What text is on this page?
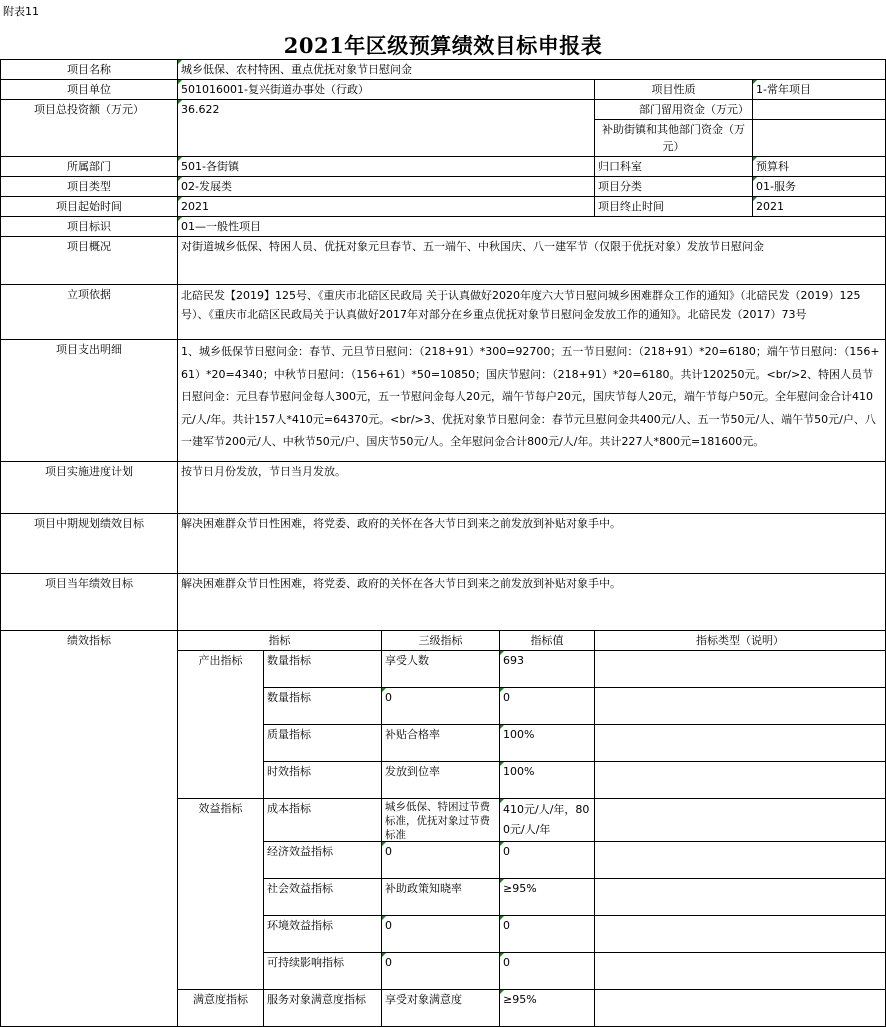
附表11
2021年区级预算绩效目标申报表
项目名称	城乡低保、农村特困、重点优抚对象节日慰问金					
项目单位	501016001-复兴街道办事处（行政）				项目性质	1-常年项目
项目总投资额（万元）	36.622				部门留用资金（万元）	
					补助街镇和其他部门资金（万元）	

所属部门	501-各街镇				归口科室	预算科
项目类型	02-发展类				项目分类	01-服务
项目起始时间	2021				项目终止时间	2021
项目标识	01—一般性项目					
项目概况	对街道城乡低保、特困人员、优抚对象元旦春节、五一端午、中秋国庆、八一建军节（仅限于优抚对象）发放节日慰问金					
立项依据	北碚民发【2019】125号、《重庆市北碚区民政局 关于认真做好2020年度六大节日慰问城乡困难群众工作的通知》（北碚民发（2019）125号）、《重庆市北碚区民政局关于认真做好2017年对部分在乡重点优抚对象节日慰问金发放工作的通知》。北碚民发（2017）73号					
项目支出明细	1、城乡低保节日慰问金：春节、元旦节日慰问：（218+91）*300=92700；五一节日慰问：（218+91）*20=6180；端午节日慰问：（156+61）*20=4340；中秋节日慰问：（156+61）*50=10850；国庆节慰问：（218+91）*20=6180。共计120250元。<br/>2、特困人员节日慰问金：元旦春节慰问金每人300元，五一节慰问金每人20元，端午节每户20元，国庆节每人20元，端午节每户50元。全年慰问金合计410元/人/年。共计157人*410元=64370元。<br/>3、优抚对象节日慰问金：春节元旦慰问金共400元/人、五一节50元/人、端午节50元/户、八一建军节200元/人、中秋节50元/户、国庆节50元/人。全年慰问金合计800元/人/年。共计227人*800元=181600元。					
项目实施进度计划	按节日月份发放，节日当月发放。					
项目中期规划绩效目标	解决困难群众节日性困难，将党委、政府的关怀在各大节日到来之前发放到补贴对象手中。					
项目当年绩效目标	解决困难群众节日性困难，将党委、政府的关怀在各大节日到来之前发放到补贴对象手中。					
绩效指标	指标		三级指标	指标值	指标类型（说明）	
	产出指标	数量指标	享受人数	693		
		数量指标	0	0		
		质量指标	补贴合格率	100%		
		时效指标	发放到位率	100%		
	效益指标	成本指标	城乡低保、特困过节费标准，优抚对象过节费标准	410元/人/年，800元/人/年		
		经济效益指标	0	0		
		社会效益指标	补助政策知晓率	≥95%		
		环境效益指标	0	0		
		可持续影响指标	0	0		
	满意度指标	服务对象满意度指标	享受对象满意度	≥95%		
